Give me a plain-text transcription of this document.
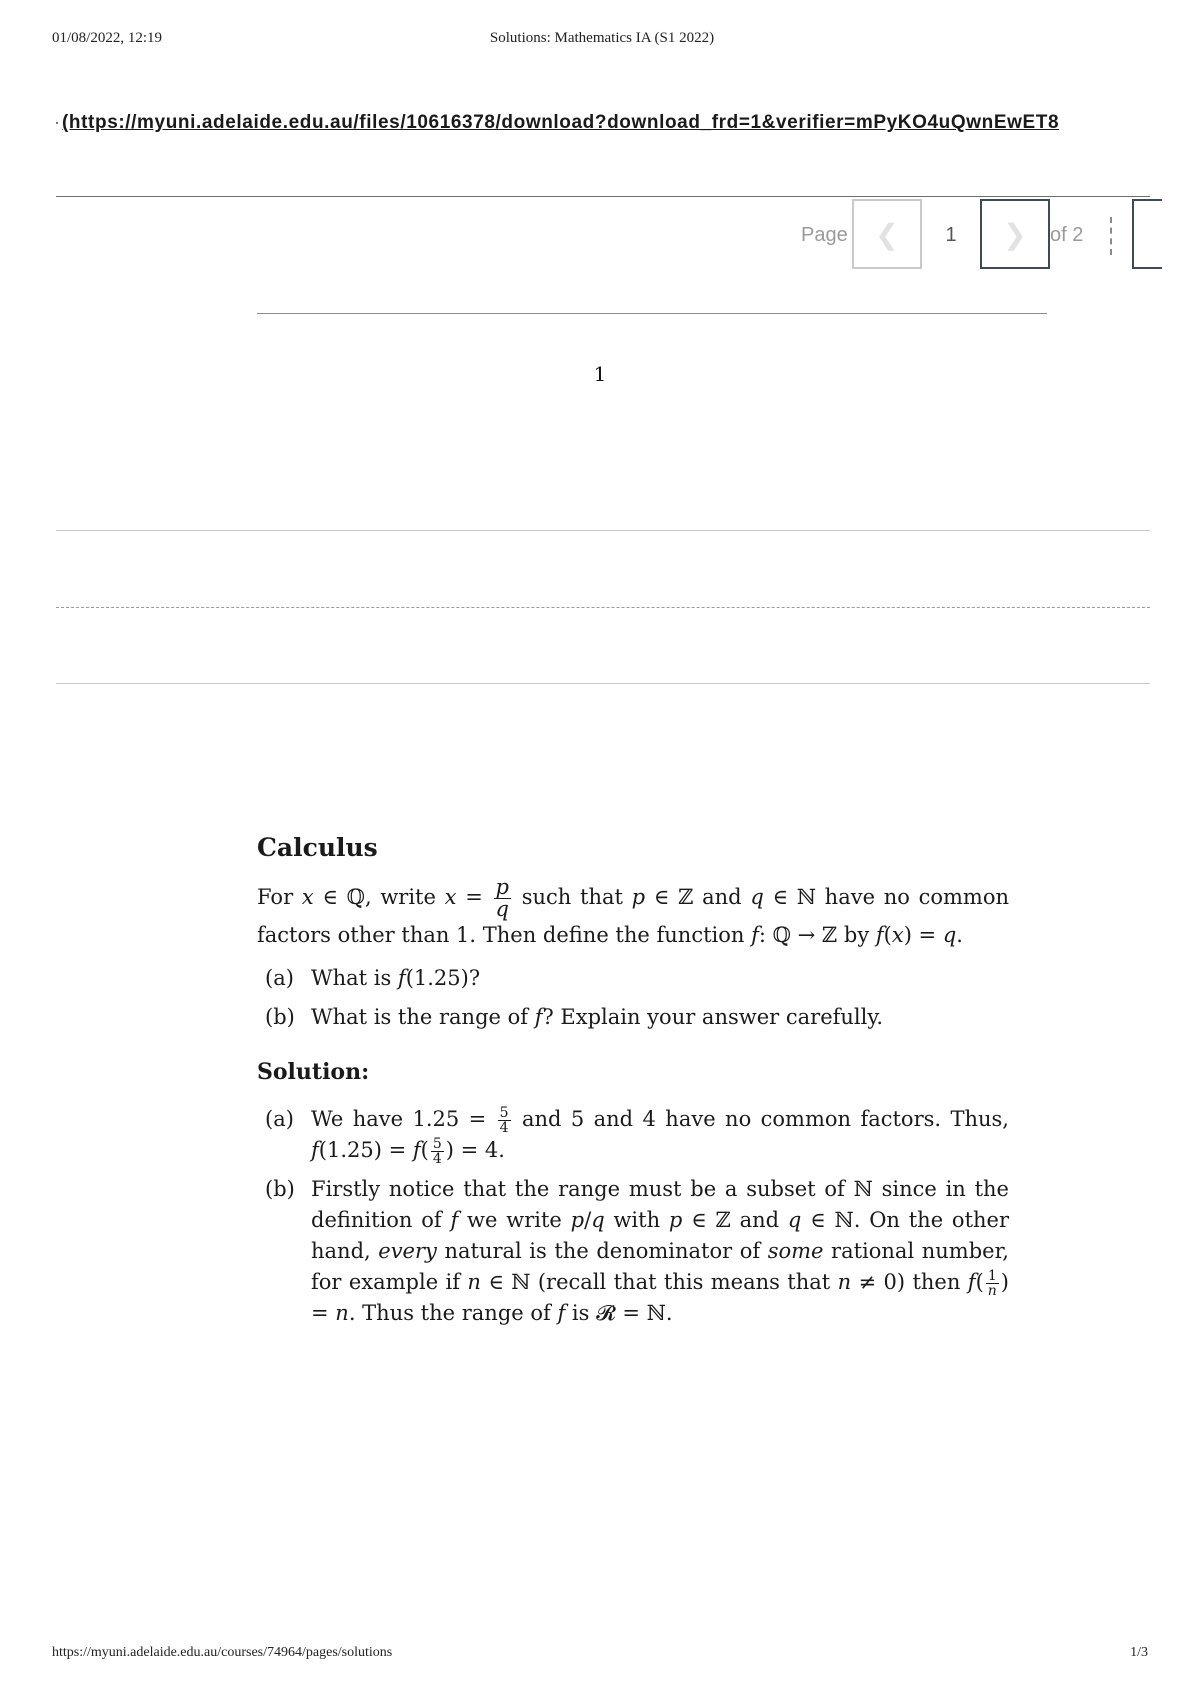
01/08/2022, 12:19	Solutions: Mathematics IA (S1 2022)
(https://myuni.adelaide.edu.au/files/10616378/download?download_frd=1&verifier=mPyKO4uQwnEwET8
Page ❮	1	❯	of 2
1
Calculus

For x ∈ ℚ, write $x = \frac{p}{q}$ such that p ∈ ℤ and q ∈ ℕ have no common factors other than 1. Then define the function f: ℚ → ℤ by f(x) = q.

(a) What is f(1.25)?
(b) What is the range of f? Explain your answer carefully.
Solution:
(a) We have $1.25 = \frac{5}{4}$ and 5 and 4 have no common factors. Thus, $f(1.25) = f( \frac{5}{4}$ ) = 4.
(b) Firstly notice that the range must be a subset of ℕ since in the definition of f we write p/q with p ∈ ℤ and q ∈ ℕ. On the other hand, every natural is the denominator of some rational number, for example if n ∈ ℕ (recall that this means that n ≠ 0) then $f( \frac{1}{n}$ ) = n. Thus the range of f is 𝓡 = ℕ.
https://myuni.adelaide.edu.au/courses/74964/pages/solutions	1/3
